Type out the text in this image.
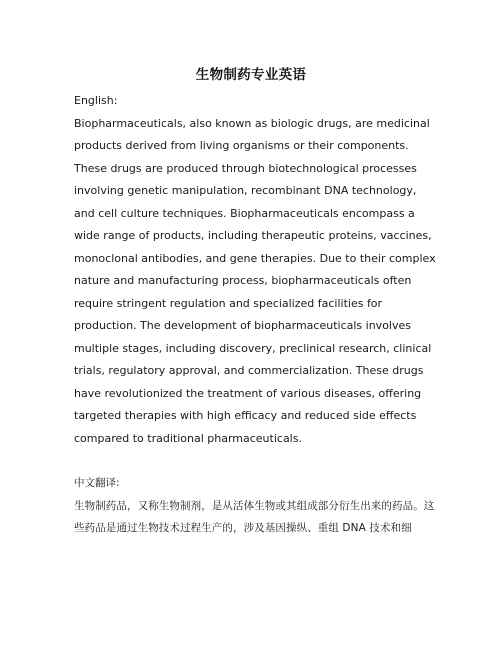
生物制药专业英语

English:

Biopharmaceuticals, also known as biologic drugs, are medicinal products derived from living organisms or their components. These drugs are produced through biotechnological processes involving genetic manipulation, recombinant DNA technology, and cell culture techniques. Biopharmaceuticals encompass a wide range of products, including therapeutic proteins, vaccines, monoclonal antibodies, and gene therapies. Due to their complex nature and manufacturing process, biopharmaceuticals often require stringent regulation and specialized facilities for production. The development of biopharmaceuticals involves multiple stages, including discovery, preclinical research, clinical trials, regulatory approval, and commercialization. These drugs have revolutionized the treatment of various diseases, offering targeted therapies with high efficacy and reduced side effects compared to traditional pharmaceuticals.

中文翻译:

生物制药品，又称生物制剂，是从活体生物或其组成部分衍生出来的药品。这些药品是通过生物技术过程生产的，涉及基因操纵、重组 DNA 技术和细
